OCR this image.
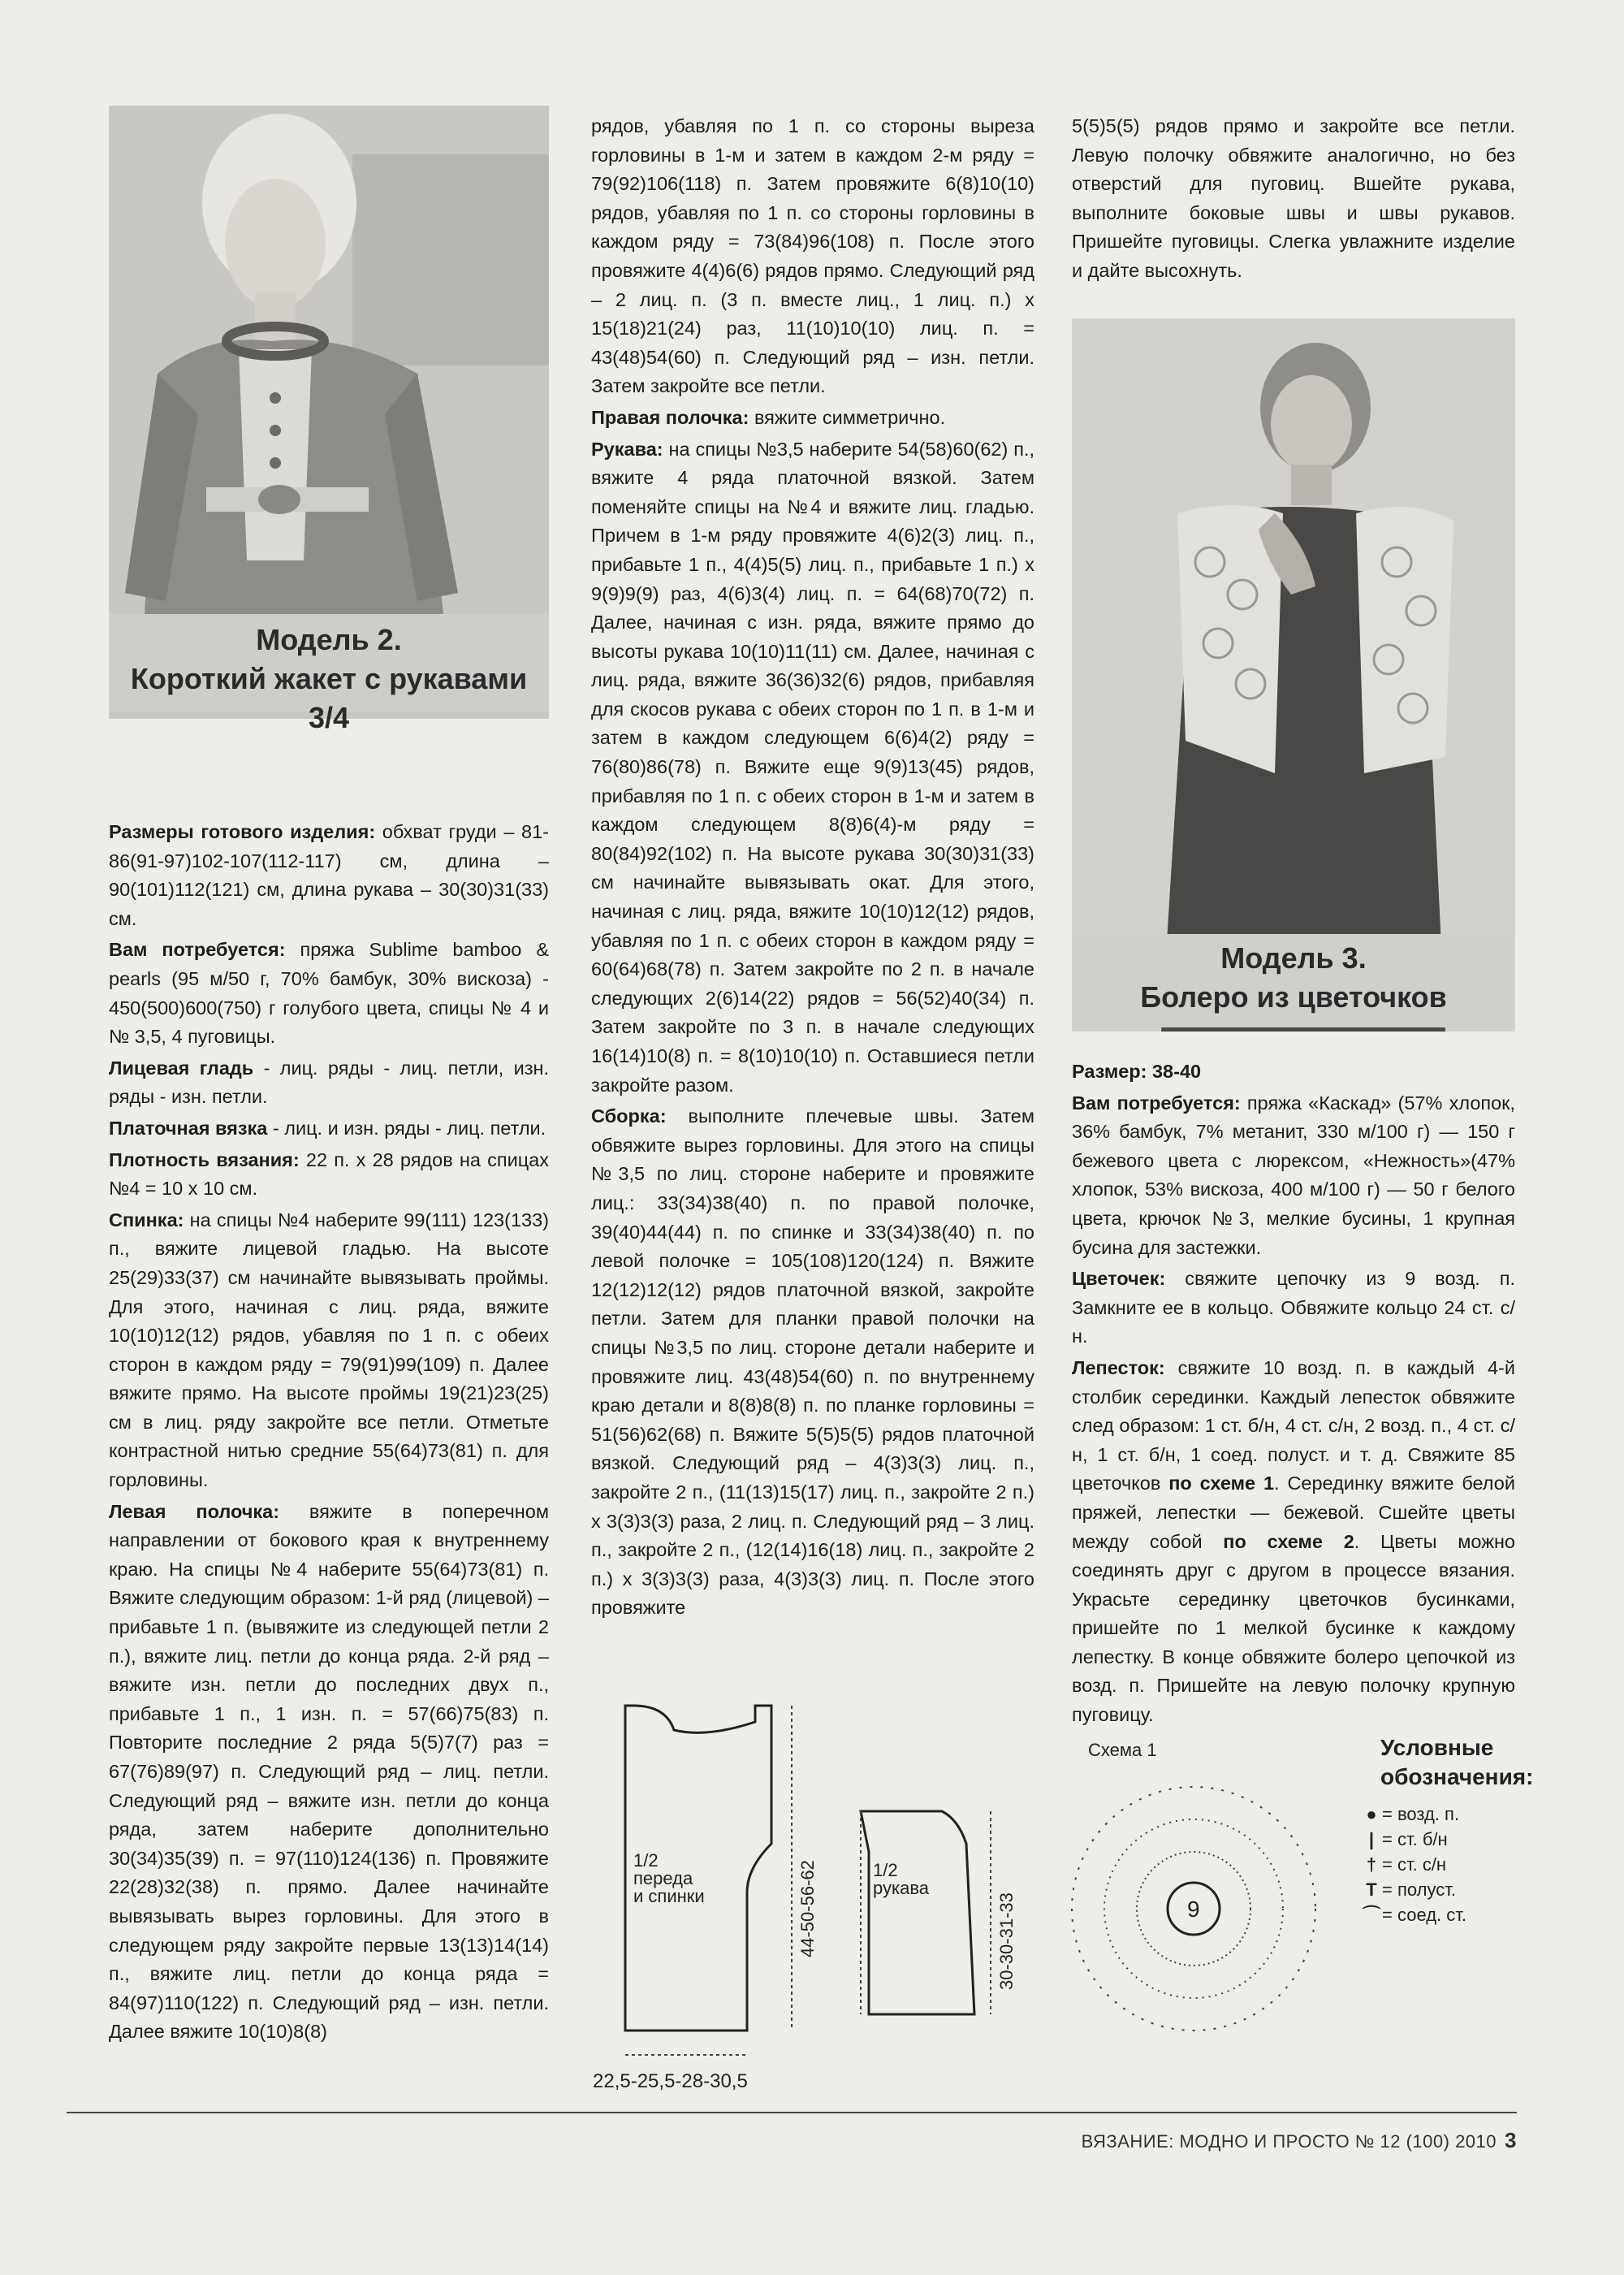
Модель 2.
Короткий жакет с рукавами 3/4
Модель 3.
Болеро из цветочков

Размеры готового изделия: обхват груди – 81-86(91-97)102-107(112-117) см, длина – 90(101)112(121) см, длина рукава – 30(30)31(33) см.

Вам потребуется: пряжа Sublime bamboo & pearls (95 м/50 г, 70% бамбук, 30% вискоза) - 450(500)600(750) г голубого цвета, спицы № 4 и № 3,5, 4 пуговицы.

Лицевая гладь - лиц. ряды - лиц. петли, изн. ряды - изн. петли.

Платочная вязка - лиц. и изн. ряды - лиц. петли.

Плотность вязания: 22 п. х 28 рядов на спицах №4 = 10 х 10 см.

Спинка: на спицы №4 наберите 99(111) 123(133) п., вяжите лицевой гладью. На высоте 25(29)33(37) см начинайте вывязывать проймы. Для этого, начиная с лиц. ряда, вяжите 10(10)12(12) рядов, убавляя по 1 п. с обеих сторон в каждом ряду = 79(91)99(109) п. Далее вяжите прямо. На высоте проймы 19(21)23(25) см в лиц. ряду закройте все петли. Отметьте контрастной нитью средние 55(64)73(81) п. для горловины.

Левая полочка: вяжите в поперечном направлении от бокового края к внутреннему краю. На спицы №4 наберите 55(64)73(81) п. Вяжите следующим образом: 1-й ряд (лицевой) – прибавьте 1 п. (вывяжите из следующей петли 2 п.), вяжите лиц. петли до конца ряда. 2-й ряд – вяжите изн. петли до последних двух п., прибавьте 1 п., 1 изн. п. = 57(66)75(83) п. Повторите последние 2 ряда 5(5)7(7) раз = 67(76)89(97) п. Следующий ряд – лиц. петли. Следующий ряд – вяжите изн. петли до конца ряда, затем наберите дополнительно 30(34)35(39) п. = 97(110)124(136) п. Провяжите 22(28)32(38) п. прямо. Далее начинайте вывязывать вырез горловины. Для этого в следующем ряду закройте первые 13(13)14(14) п., вяжите лиц. петли до конца ряда = 84(97)110(122) п. Следующий ряд – изн. петли. Далее вяжите 10(10)8(8)

рядов, убавляя по 1 п. со стороны выреза горловины в 1-м и затем в каждом 2-м ряду = 79(92)106(118) п. Затем провяжите 6(8)10(10) рядов, убавляя по 1 п. со стороны горловины в каждом ряду = 73(84)96(108) п. После этого провяжите 4(4)6(6) рядов прямо. Следующий ряд – 2 лиц. п. (3 п. вместе лиц., 1 лиц. п.) х 15(18)21(24) раз, 11(10)10(10) лиц. п. = 43(48)54(60) п. Следующий ряд – изн. петли. Затем закройте все петли.

Правая полочка: вяжите симметрично.

Рукава: на спицы №3,5 наберите 54(58)60(62) п., вяжите 4 ряда платочной вязкой. Затем поменяйте спицы на №4 и вяжите лиц. гладью. Причем в 1-м ряду провяжите 4(6)2(3) лиц. п., прибавьте 1 п., 4(4)5(5) лиц. п., прибавьте 1 п.) х 9(9)9(9) раз, 4(6)3(4) лиц. п. = 64(68)70(72) п. Далее, начиная с изн. ряда, вяжите прямо до высоты рукава 10(10)11(11) см. Далее, начиная с лиц. ряда, вяжите 36(36)32(6) рядов, прибавляя для скосов рукава с обеих сторон по 1 п. в 1-м и затем в каждом следующем 6(6)4(2) ряду = 76(80)86(78) п. Вяжите еще 9(9)13(45) рядов, прибавляя по 1 п. с обеих сторон в 1-м и затем в каждом следующем 8(8)6(4)-м ряду = 80(84)92(102) п. На высоте рукава 30(30)31(33) см начинайте вывязывать окат. Для этого, начиная с лиц. ряда, вяжите 10(10)12(12) рядов, убавляя по 1 п. с обеих сторон в каждом ряду = 60(64)68(78) п. Затем закройте по 2 п. в начале следующих 2(6)14(22) рядов = 56(52)40(34) п. Затем закройте по 3 п. в начале следующих 16(14)10(8) п. = 8(10)10(10) п. Оставшиеся петли закройте разом.

Сборка: выполните плечевые швы. Затем обвяжите вырез горловины. Для этого на спицы №3,5 по лиц. стороне наберите и провяжите лиц.: 33(34)38(40) п. по правой полочке, 39(40)44(44) п. по спинке и 33(34)38(40) п. по левой полочке = 105(108)120(124) п. Вяжите 12(12)12(12) рядов платочной вязкой, закройте петли. Затем для планки правой полочки на спицы №3,5 по лиц. стороне детали наберите и провяжите лиц. 43(48)54(60) п. по внутреннему краю детали и 8(8)8(8) п. по планке горловины = 51(56)62(68) п. Вяжите 5(5)5(5) рядов платочной вязкой. Следующий ряд – 4(3)3(3) лиц. п., закройте 2 п., (11(13)15(17) лиц. п., закройте 2 п.) х 3(3)3(3) раза, 2 лиц. п. Следующий ряд – 3 лиц. п., закройте 2 п., (12(14)16(18) лиц. п., закройте 2 п.) х 3(3)3(3) раза, 4(3)3(3) лиц. п. После этого провяжите

5(5)5(5) рядов прямо и закройте все петли. Левую полочку обвяжите аналогично, но без отверстий для пуговиц. Вшейте рукава, выполните боковые швы и швы рукавов. Пришейте пуговицы. Слегка увлажните изделие и дайте высохнуть.

Размер: 38-40

Вам потребуется: пряжа «Каскад» (57% хлопок, 36% бамбук, 7% метанит, 330 м/100 г) — 150 г бежевого цвета с люрексом, «Нежность»(47% хлопок, 53% вискоза, 400 м/100 г) — 50 г белого цвета, крючок №3, мелкие бусины, 1 крупная бусина для застежки.

Цветочек: свяжите цепочку из 9 возд. п. Замкните ее в кольцо. Обвяжите кольцо 24 ст. с/н.

Лепесток: свяжите 10 возд. п. в каждый 4-й столбик серединки. Каждый лепесток обвяжите след образом: 1 ст. б/н, 4 ст. с/н, 2 возд. п., 4 ст. с/н, 1 ст. б/н, 1 соед. полуст. и т. д. Свяжите 85 цветочков по схеме 1. Серединку вяжите белой пряжей, лепестки — бежевой. Сшейте цветы между собой по схеме 2. Цветы можно соединять друг с другом в процессе вязания. Украсьте серединку цветочков бусинками, пришейте по 1 мелкой бусинке к каждому лепестку. В конце обвяжите болеро цепочкой из возд. п. Пришейте на левую полочку крупную пуговицу.

1/2
переда
и спинки
22,5-25,5-28-30,5
44-50-56-62	1/2
рукава
30-30-31-33
Схема 1
9
Условные
обозначения:
● = возд. п.
| = ст. б/н
† = ст. с/н
T = полуст.
⌒= соед. ст.
ВЯЗАНИЕ: МОДНО И ПРОСТО № 12 (100) 2010 3
